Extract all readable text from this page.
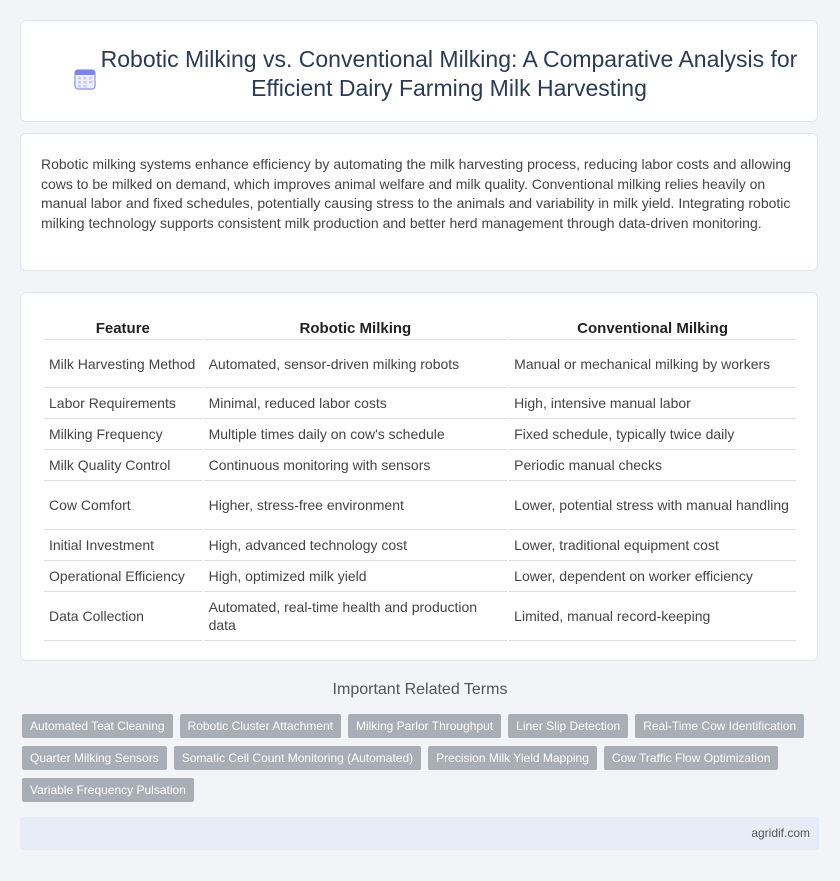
Robotic Milking vs. Conventional Milking: A Comparative Analysis for Efficient Dairy Farming Milk Harvesting
Robotic milking systems enhance efficiency by automating the milk harvesting process, reducing labor costs and allowing cows to be milked on demand, which improves animal welfare and milk quality. Conventional milking relies heavily on manual labor and fixed schedules, potentially causing stress to the animals and variability in milk yield. Integrating robotic milking technology supports consistent milk production and better herd management through data-driven monitoring.
Feature	Robotic Milking	Conventional Milking
Milk Harvesting Method	Automated, sensor-driven milking robots	Manual or mechanical milking by workers
Labor Requirements	Minimal, reduced labor costs	High, intensive manual labor
Milking Frequency	Multiple times daily on cow's schedule	Fixed schedule, typically twice daily
Milk Quality Control	Continuous monitoring with sensors	Periodic manual checks
Cow Comfort	Higher, stress-free environment	Lower, potential stress with manual handling
Initial Investment	High, advanced technology cost	Lower, traditional equipment cost
Operational Efficiency	High, optimized milk yield	Lower, dependent on worker efficiency
Data Collection	Automated, real-time health and production data	Limited, manual record-keeping
Important Related Terms
Automated Teat Cleaning	Robotic Cluster Attachment	Milking Parlor Throughput	Liner Slip Detection	Real-Time Cow Identification
Quarter Milking Sensors	Somatic Cell Count Monitoring (Automated)	Precision Milk Yield Mapping	Cow Traffic Flow Optimization
Variable Frequency Pulsation
agridif.com
